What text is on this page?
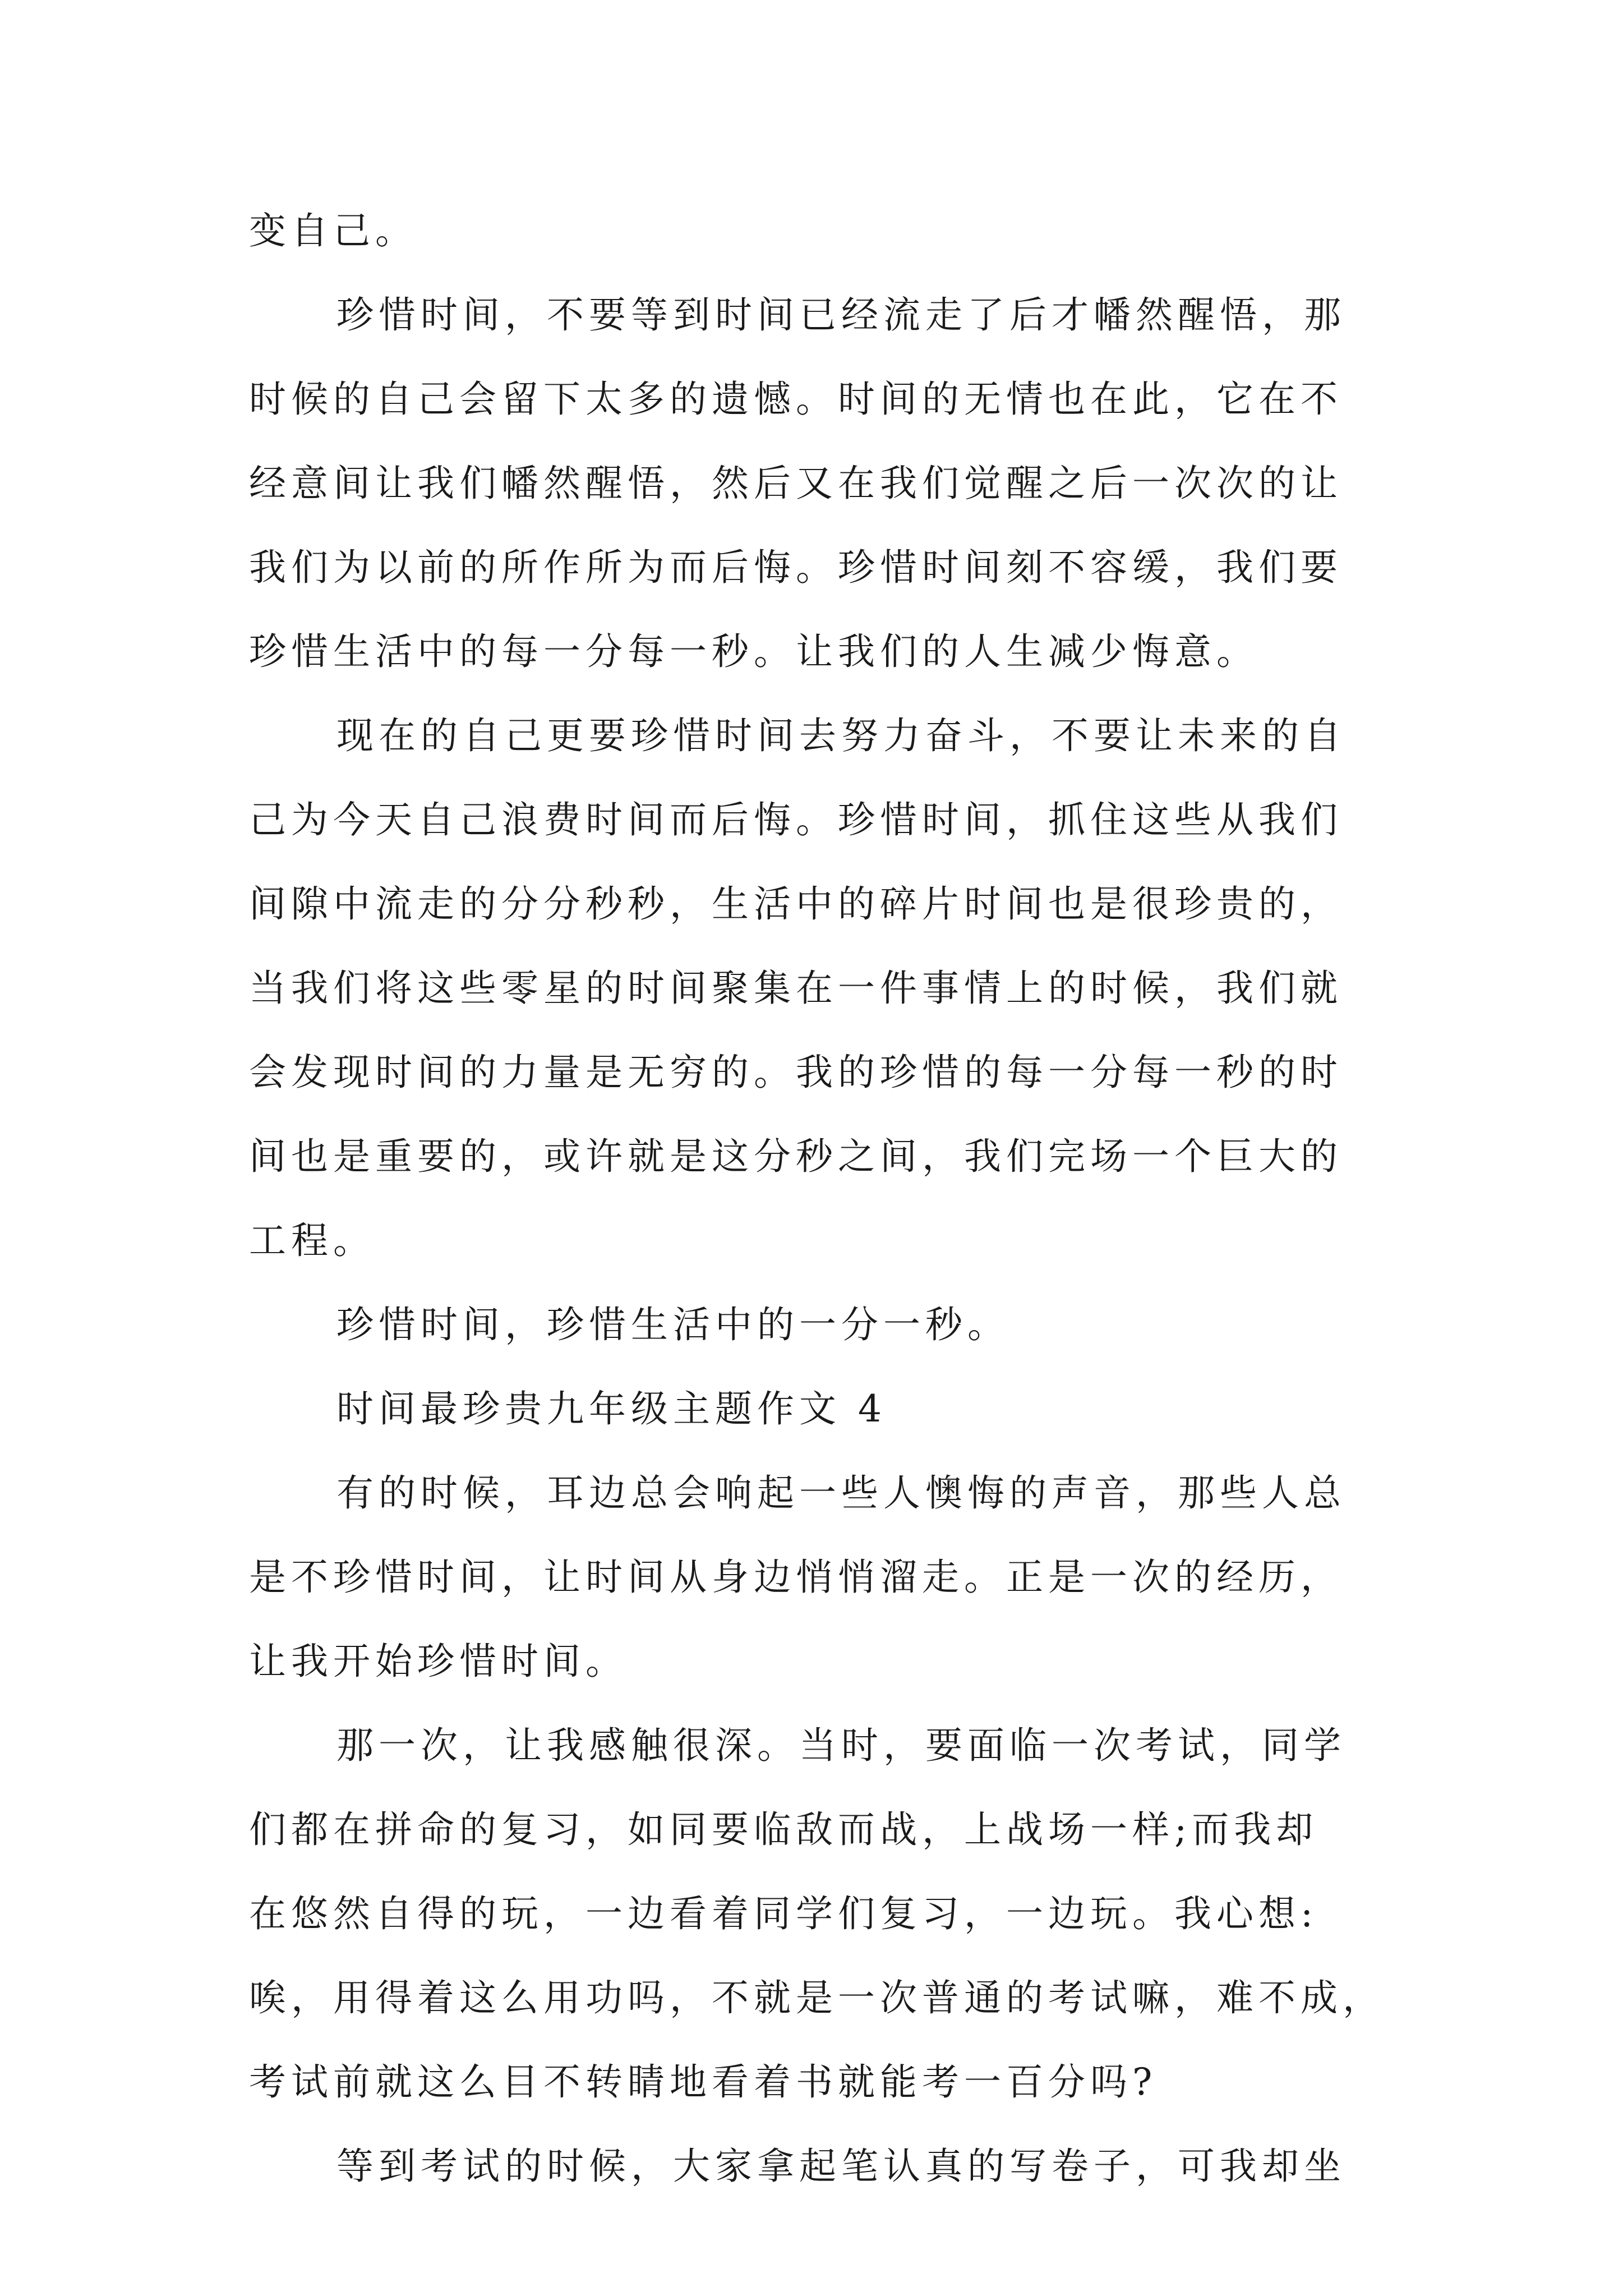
变自己。
珍惜时间，不要等到时间已经流走了后才幡然醒悟，那
时候的自己会留下太多的遗憾。时间的无情也在此，它在不
经意间让我们幡然醒悟，然后又在我们觉醒之后一次次的让
我们为以前的所作所为而后悔。珍惜时间刻不容缓，我们要
珍惜生活中的每一分每一秒。让我们的人生减少悔意。
现在的自己更要珍惜时间去努力奋斗，不要让未来的自
己为今天自己浪费时间而后悔。珍惜时间，抓住这些从我们
间隙中流走的分分秒秒，生活中的碎片时间也是很珍贵的，
当我们将这些零星的时间聚集在一件事情上的时候，我们就
会发现时间的力量是无穷的。我的珍惜的每一分每一秒的时
间也是重要的，或许就是这分秒之间，我们完场一个巨大的
工程。
珍惜时间，珍惜生活中的一分一秒。
时间最珍贵九年级主题作文 4
有的时候，耳边总会响起一些人懊悔的声音，那些人总
是不珍惜时间，让时间从身边悄悄溜走。正是一次的经历，
让我开始珍惜时间。
那一次，让我感触很深。当时，要面临一次考试，同学
们都在拼命的复习，如同要临敌而战，上战场一样;而我却
在悠然自得的玩，一边看着同学们复习，一边玩。我心想:
唉，用得着这么用功吗，不就是一次普通的考试嘛，难不成，
考试前就这么目不转睛地看着书就能考一百分吗?
等到考试的时候，大家拿起笔认真的写卷子，可我却坐
